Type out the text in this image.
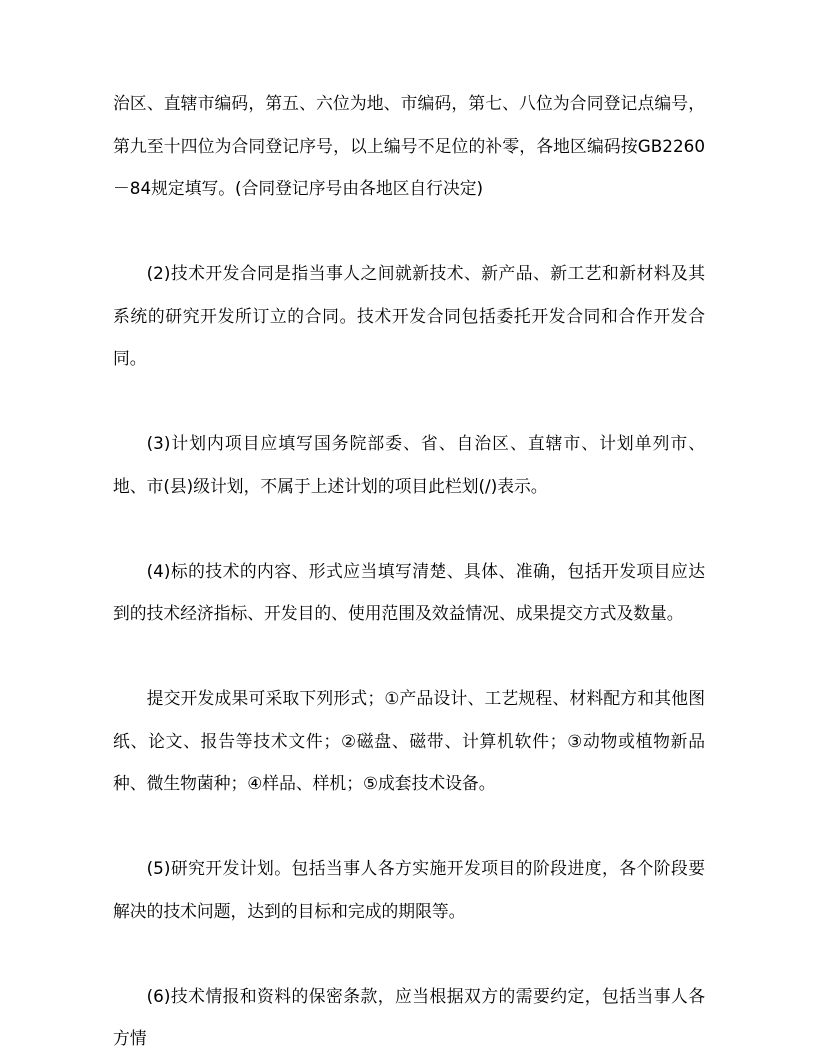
治区、直辖市编码，第五、六位为地、市编码，第七、八位为合同登记点编号，第九至十四位为合同登记序号，以上编号不足位的补零，各地区编码按GB2260－84规定填写。(合同登记序号由各地区自行决定)

(2)技术开发合同是指当事人之间就新技术、新产品、新工艺和新材料及其系统的研究开发所订立的合同。技术开发合同包括委托开发合同和合作开发合同。

(3)计划内项目应填写国务院部委、省、自治区、直辖市、计划单列市、地、市(县)级计划，不属于上述计划的项目此栏划(/)表示。

(4)标的技术的内容、形式应当填写清楚、具体、准确，包括开发项目应达到的技术经济指标、开发目的、使用范围及效益情况、成果提交方式及数量。

提交开发成果可采取下列形式；①产品设计、工艺规程、材料配方和其他图纸、论文、报告等技术文件；②磁盘、磁带、计算机软件；③动物或植物新品种、微生物菌种；④样品、样机；⑤成套技术设备。

(5)研究开发计划。包括当事人各方实施开发项目的阶段进度，各个阶段要解决的技术问题，达到的目标和完成的期限等。

(6)技术情报和资料的保密条款，应当根据双方的需要约定，包括当事人各方情
